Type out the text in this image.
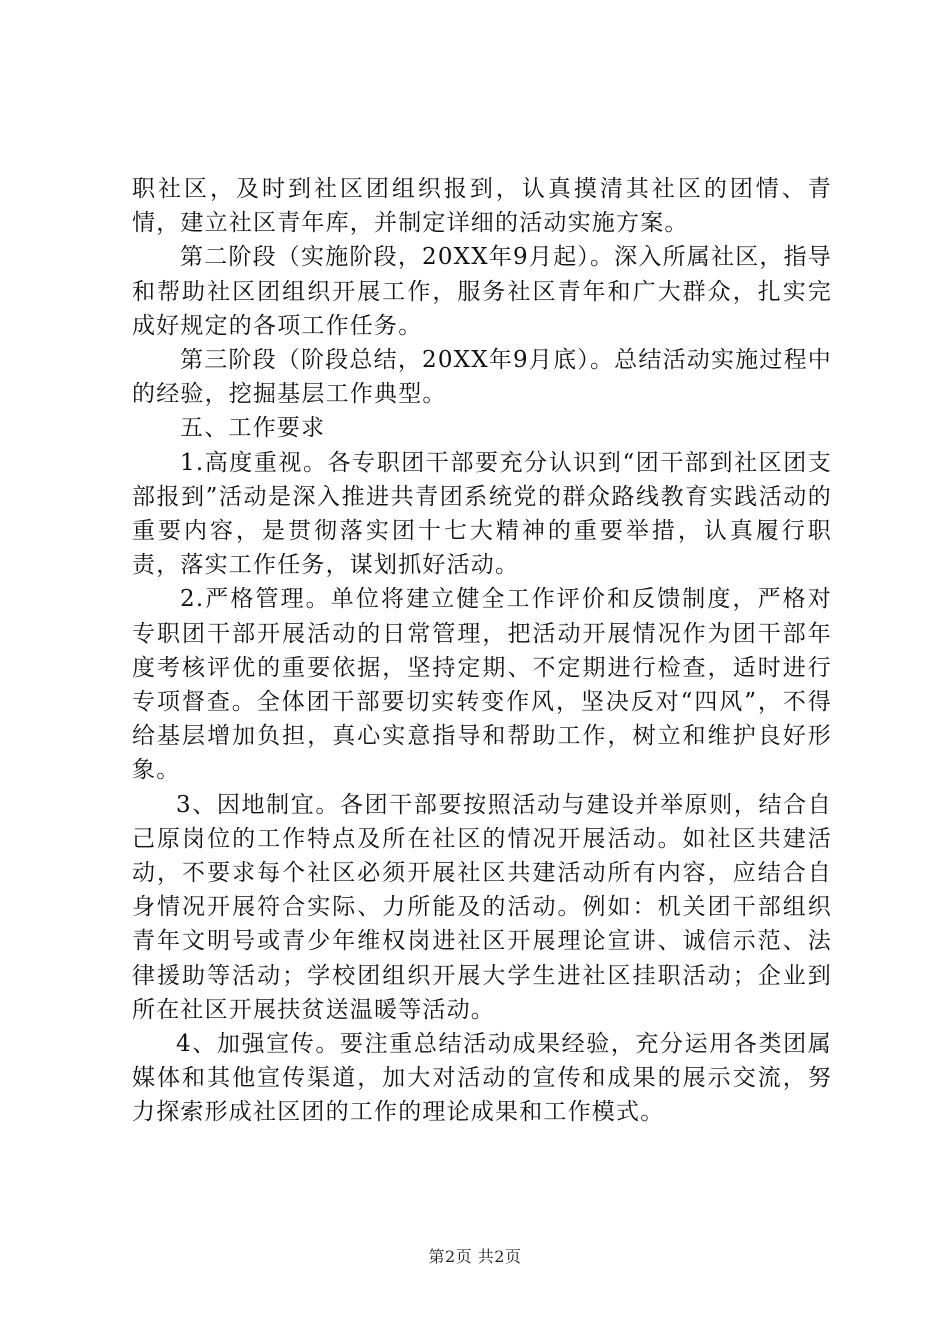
职社区，及时到社区团组织报到，认真摸清其社区的团情、青情，建立社区青年库，并制定详细的活动实施方案。

第二阶段（实施阶段，20XX年9月起）。深入所属社区，指导和帮助社区团组织开展工作，服务社区青年和广大群众，扎实完成好规定的各项工作任务。

第三阶段（阶段总结，20XX年9月底）。总结活动实施过程中的经验，挖掘基层工作典型。

五、工作要求

1.高度重视。各专职团干部要充分认识到“团干部到社区团支部报到”活动是深入推进共青团系统党的群众路线教育实践活动的重要内容，是贯彻落实团十七大精神的重要举措，认真履行职责，落实工作任务，谋划抓好活动。

2.严格管理。单位将建立健全工作评价和反馈制度，严格对专职团干部开展活动的日常管理，把活动开展情况作为团干部年度考核评优的重要依据，坚持定期、不定期进行检查，适时进行专项督查。全体团干部要切实转变作风，坚决反对“四风”，不得给基层增加负担，真心实意指导和帮助工作，树立和维护良好形象。

3、因地制宜。各团干部要按照活动与建设并举原则，结合自己原岗位的工作特点及所在社区的情况开展活动。如社区共建活动，不要求每个社区必须开展社区共建活动所有内容，应结合自身情况开展符合实际、力所能及的活动。例如：机关团干部组织青年文明号或青少年维权岗进社区开展理论宣讲、诚信示范、法律援助等活动；学校团组织开展大学生进社区挂职活动；企业到所在社区开展扶贫送温暖等活动。

4、加强宣传。要注重总结活动成果经验，充分运用各类团属媒体和其他宣传渠道，加大对活动的宣传和成果的展示交流，努力探索形成社区团的工作的理论成果和工作模式。

第2页 共2页
